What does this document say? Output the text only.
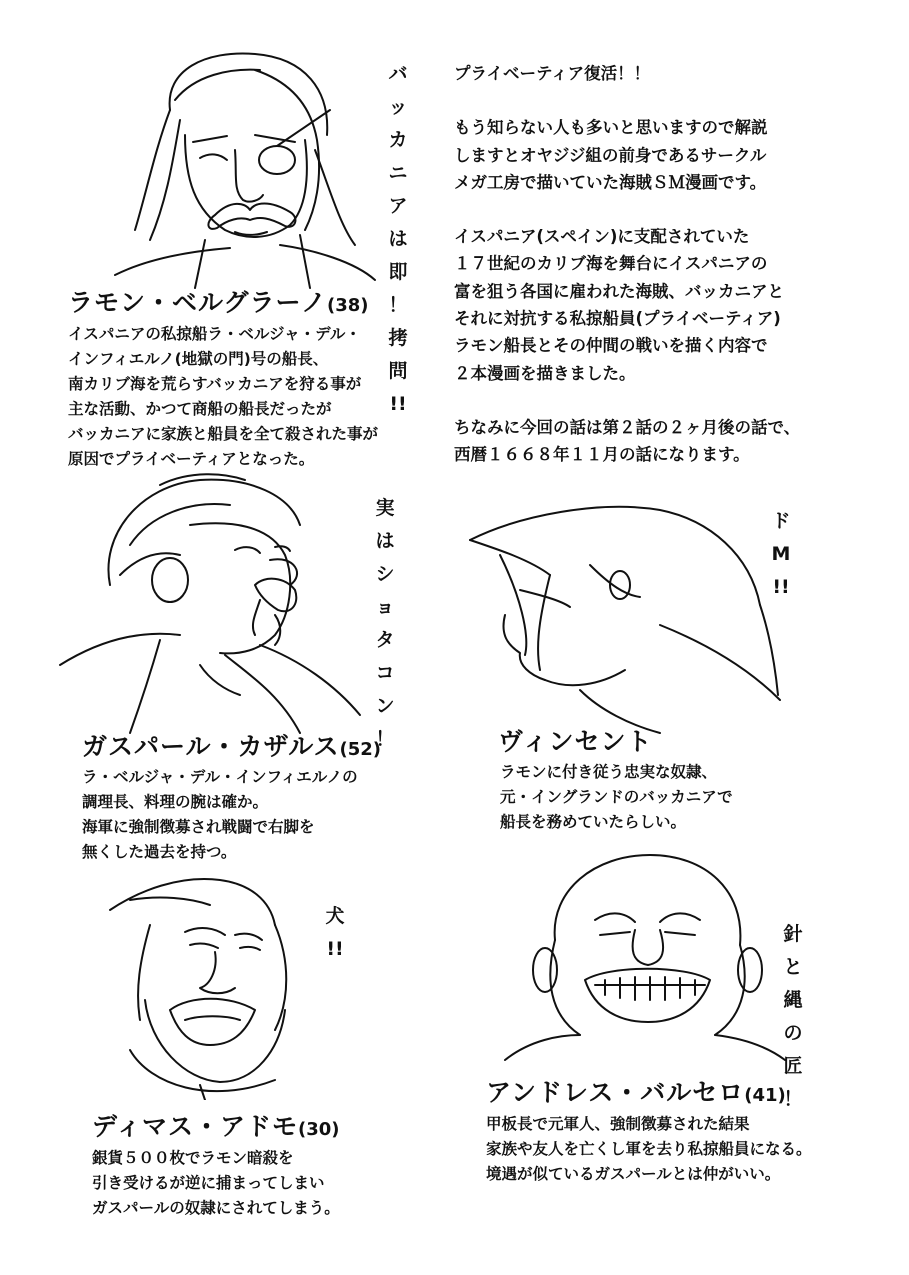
バ
ッ
カ
ニ
ア
は
即
！
拷
問
!!
実
は
シ
ョ
タ
コ
ン
！
ド
M
!!
犬
!!
針
と
縄
の
匠
！
プライベーティア復活！！
もう知らない人も多いと思いますので解説
しますとオヤジジ組の前身であるサークル
メガ工房で描いていた海賊ＳＭ漫画です。
イスパニア(スペイン)に支配されていた
１７世紀のカリブ海を舞台にイスパニアの
富を狙う各国に雇われた海賊、バッカニアと
それに対抗する私掠船員(プライベーティア)
ラモン船長とその仲間の戦いを描く内容で
２本漫画を描きました。
ちなみに今回の話は第２話の２ヶ月後の話で、
西暦１６６８年１１月の話になります。
ラモン・ベルグラーノ(38)
イスパニアの私掠船ラ・ベルジャ・デル・
インフィエルノ(地獄の門)号の船長、
南カリブ海を荒らすバッカニアを狩る事が
主な活動、かつて商船の船長だったが
バッカニアに家族と船員を全て殺された事が
原因でプライベーティアとなった。
ガスパール・カザルス(52)
ラ・ベルジャ・デル・インフィエルノの
調理長、料理の腕は確か。
海軍に強制徴募され戦闘で右脚を
無くした過去を持つ。
ヴィンセント
ラモンに付き従う忠実な奴隷、
元・イングランドのバッカニアで
船長を務めていたらしい。
ディマス・アドモ(30)
銀貨５００枚でラモン暗殺を
引き受けるが逆に捕まってしまい
ガスパールの奴隷にされてしまう。
アンドレス・バルセロ(41)
甲板長で元軍人、強制徴募された結果
家族や友人を亡くし軍を去り私掠船員になる。
境遇が似ているガスパールとは仲がいい。
